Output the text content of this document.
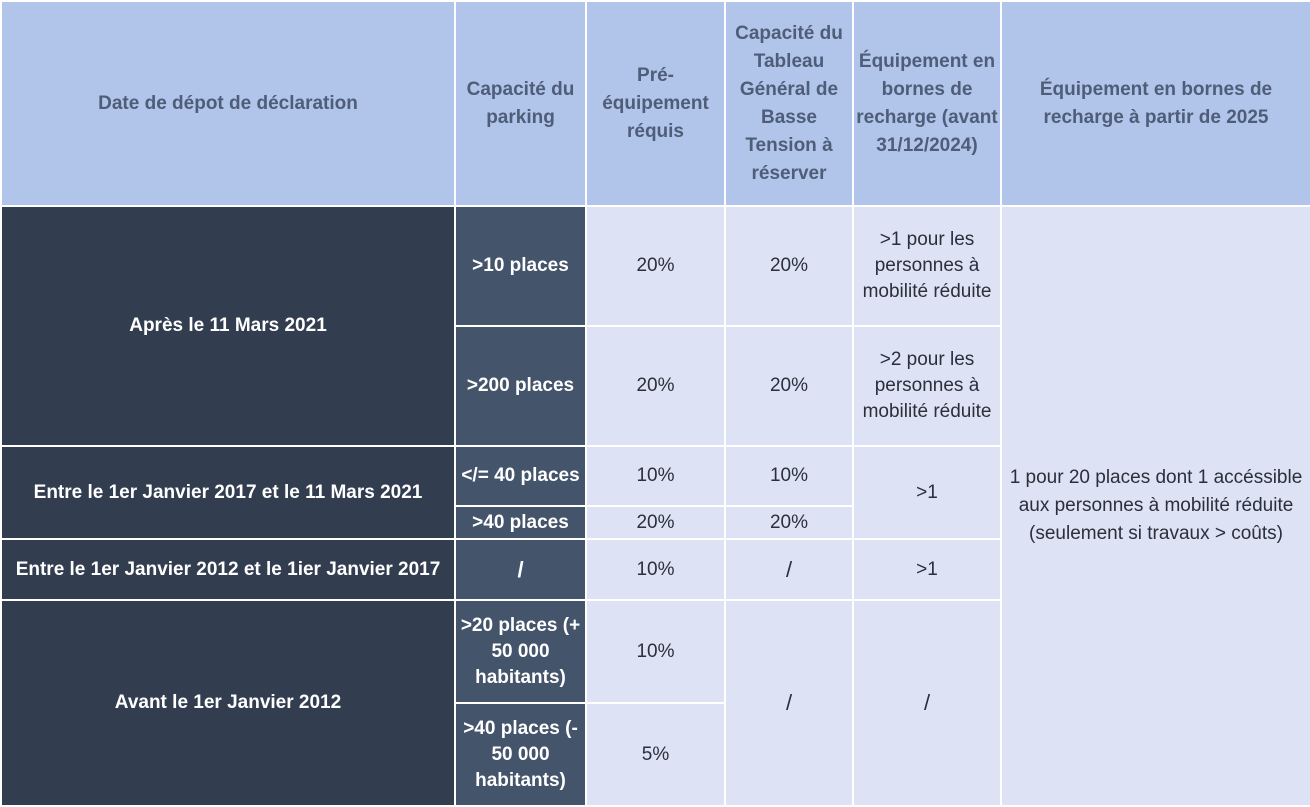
Date de dépot de déclaration	Capacité du parking	Pré-équipement réquis	Capacité du Tableau Général de Basse Tension à réserver	Équipement en bornes de recharge (avant 31/12/2024)	Équipement en bornes de recharge à partir de 2025
Après le 11 Mars 2021	>10 places	20%	20%	>1 pour les personnes à mobilité réduite	1 pour 20 places dont 1 accéssible aux personnes à mobilité réduite (seulement si travaux > coûts)
	>200 places	20%	20%	>2 pour les personnes à mobilité réduite	
Entre le 1er Janvier 2017 et le 11 Mars 2021	</= 40 places	10%	10%	>1	
	>40 places	20%	20%		
Entre le 1er Janvier 2012 et le 1ier Janvier 2017	/	10%	/	>1	
Avant le 1er Janvier 2012	>20 places (+ 50 000 habitants)	10%	/	/	
	>40 places (- 50 000 habitants)	5%			
